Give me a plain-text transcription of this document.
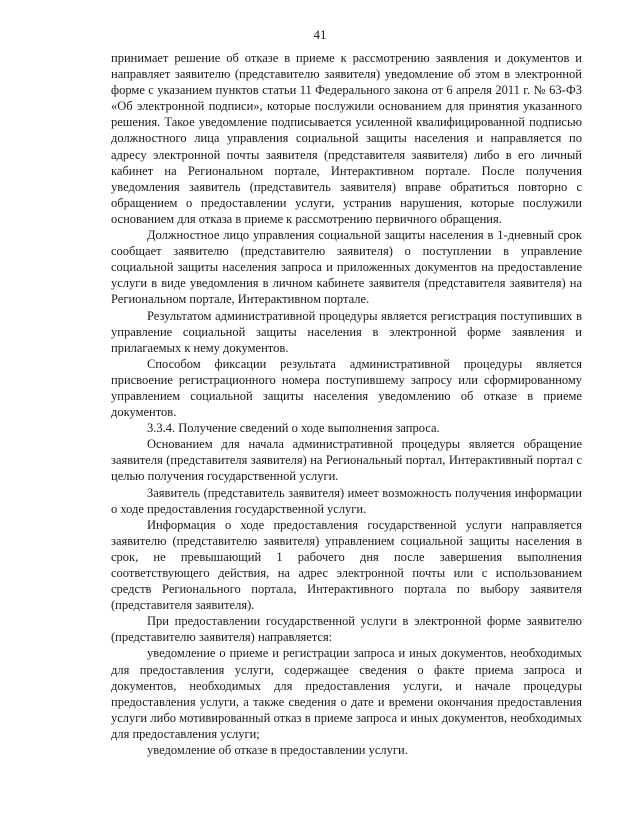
41

принимает решение об отказе в приеме к рассмотрению заявления и документов и направляет заявителю (представителю заявителя) уведомление об этом в электронной форме с указанием пунктов статьи 11 Федерального закона от 6 апреля 2011 г. № 63-ФЗ «Об электронной подписи», которые послужили основанием для принятия указанного решения. Такое уведомление подписывается усиленной квалифицированной подписью должностного лица управления социальной защиты населения и направляется по адресу электронной почты заявителя (представителя заявителя) либо в его личный кабинет на Региональном портале, Интерактивном портале. После получения уведомления заявитель (представитель заявителя) вправе обратиться повторно с обращением о предоставлении услуги, устранив нарушения, которые послужили основанием для отказа в приеме к рассмотрению первичного обращения.

Должностное лицо управления социальной защиты населения в 1-дневный срок сообщает заявителю (представителю заявителя) о поступлении в управление социальной защиты населения запроса и приложенных документов на предоставление услуги в виде уведомления в личном кабинете заявителя (представителя заявителя) на Региональном портале, Интерактивном портале.

Результатом административной процедуры является регистрация поступивших в управление социальной защиты населения в электронной форме заявления и прилагаемых к нему документов.

Способом фиксации результата административной процедуры является присвоение регистрационного номера поступившему запросу или сформированному управлением социальной защиты населения уведомлению об отказе в приеме документов.

3.3.4. Получение сведений о ходе выполнения запроса.

Основанием для начала административной процедуры является обращение заявителя (представителя заявителя) на Региональный портал, Интерактивный портал с целью получения государственной услуги.

Заявитель (представитель заявителя) имеет возможность получения информации о ходе предоставления государственной услуги.

Информация о ходе предоставления государственной услуги направляется заявителю (представителю заявителя) управлением социальной защиты населения в срок, не превышающий 1 рабочего дня после завершения выполнения соответствующего действия, на адрес электронной почты или с использованием средств Регионального портала, Интерактивного портала по выбору заявителя (представителя заявителя).

При предоставлении государственной услуги в электронной форме заявителю (представителю заявителя) направляется:

уведомление о приеме и регистрации запроса и иных документов, необходимых для предоставления услуги, содержащее сведения о факте приема запроса и документов, необходимых для предоставления услуги, и начале процедуры предоставления услуги, а также сведения о дате и времени окончания предоставления услуги либо мотивированный отказ в приеме запроса и иных документов, необходимых для предоставления услуги;

уведомление об отказе в предоставлении услуги.
